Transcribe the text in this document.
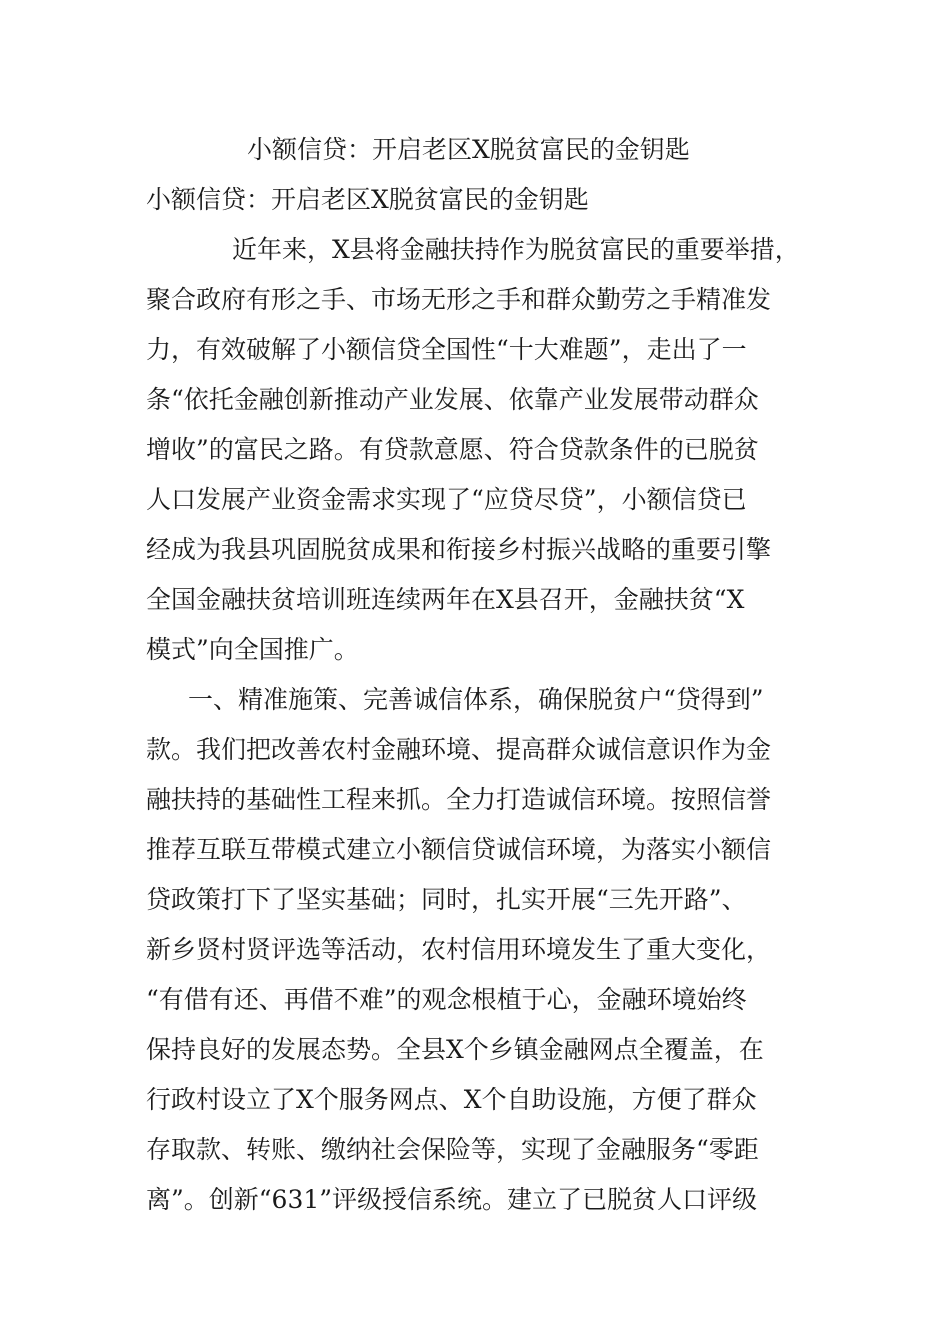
小额信贷：开启老区X脱贫富民的金钥匙
小额信贷：开启老区X脱贫富民的金钥匙
近年来，X县将金融扶持作为脱贫富民的重要举措，
聚合政府有形之手、市场无形之手和群众勤劳之手精准发
力，有效破解了小额信贷全国性“十大难题”，走出了一
条“依托金融创新推动产业发展、依靠产业发展带动群众
增收”的富民之路。有贷款意愿、符合贷款条件的已脱贫
人口发展产业资金需求实现了“应贷尽贷”，小额信贷已
经成为我县巩固脱贫成果和衔接乡村振兴战略的重要引擎
全国金融扶贫培训班连续两年在X县召开，金融扶贫“X
模式”向全国推广。
一、精准施策、完善诚信体系，确保脱贫户“贷得到”
款。我们把改善农村金融环境、提高群众诚信意识作为金
融扶持的基础性工程来抓。全力打造诚信环境。按照信誉
推荐互联互带模式建立小额信贷诚信环境，为落实小额信
贷政策打下了坚实基础；同时，扎实开展“三先开路”、
新乡贤村贤评选等活动，农村信用环境发生了重大变化，
“有借有还、再借不难”的观念根植于心，金融环境始终
保持良好的发展态势。全县X个乡镇金融网点全覆盖，在
行政村设立了X个服务网点、X个自助设施，方便了群众
存取款、转账、缴纳社会保险等，实现了金融服务“零距
离”。创新“631”评级授信系统。建立了已脱贫人口评级
